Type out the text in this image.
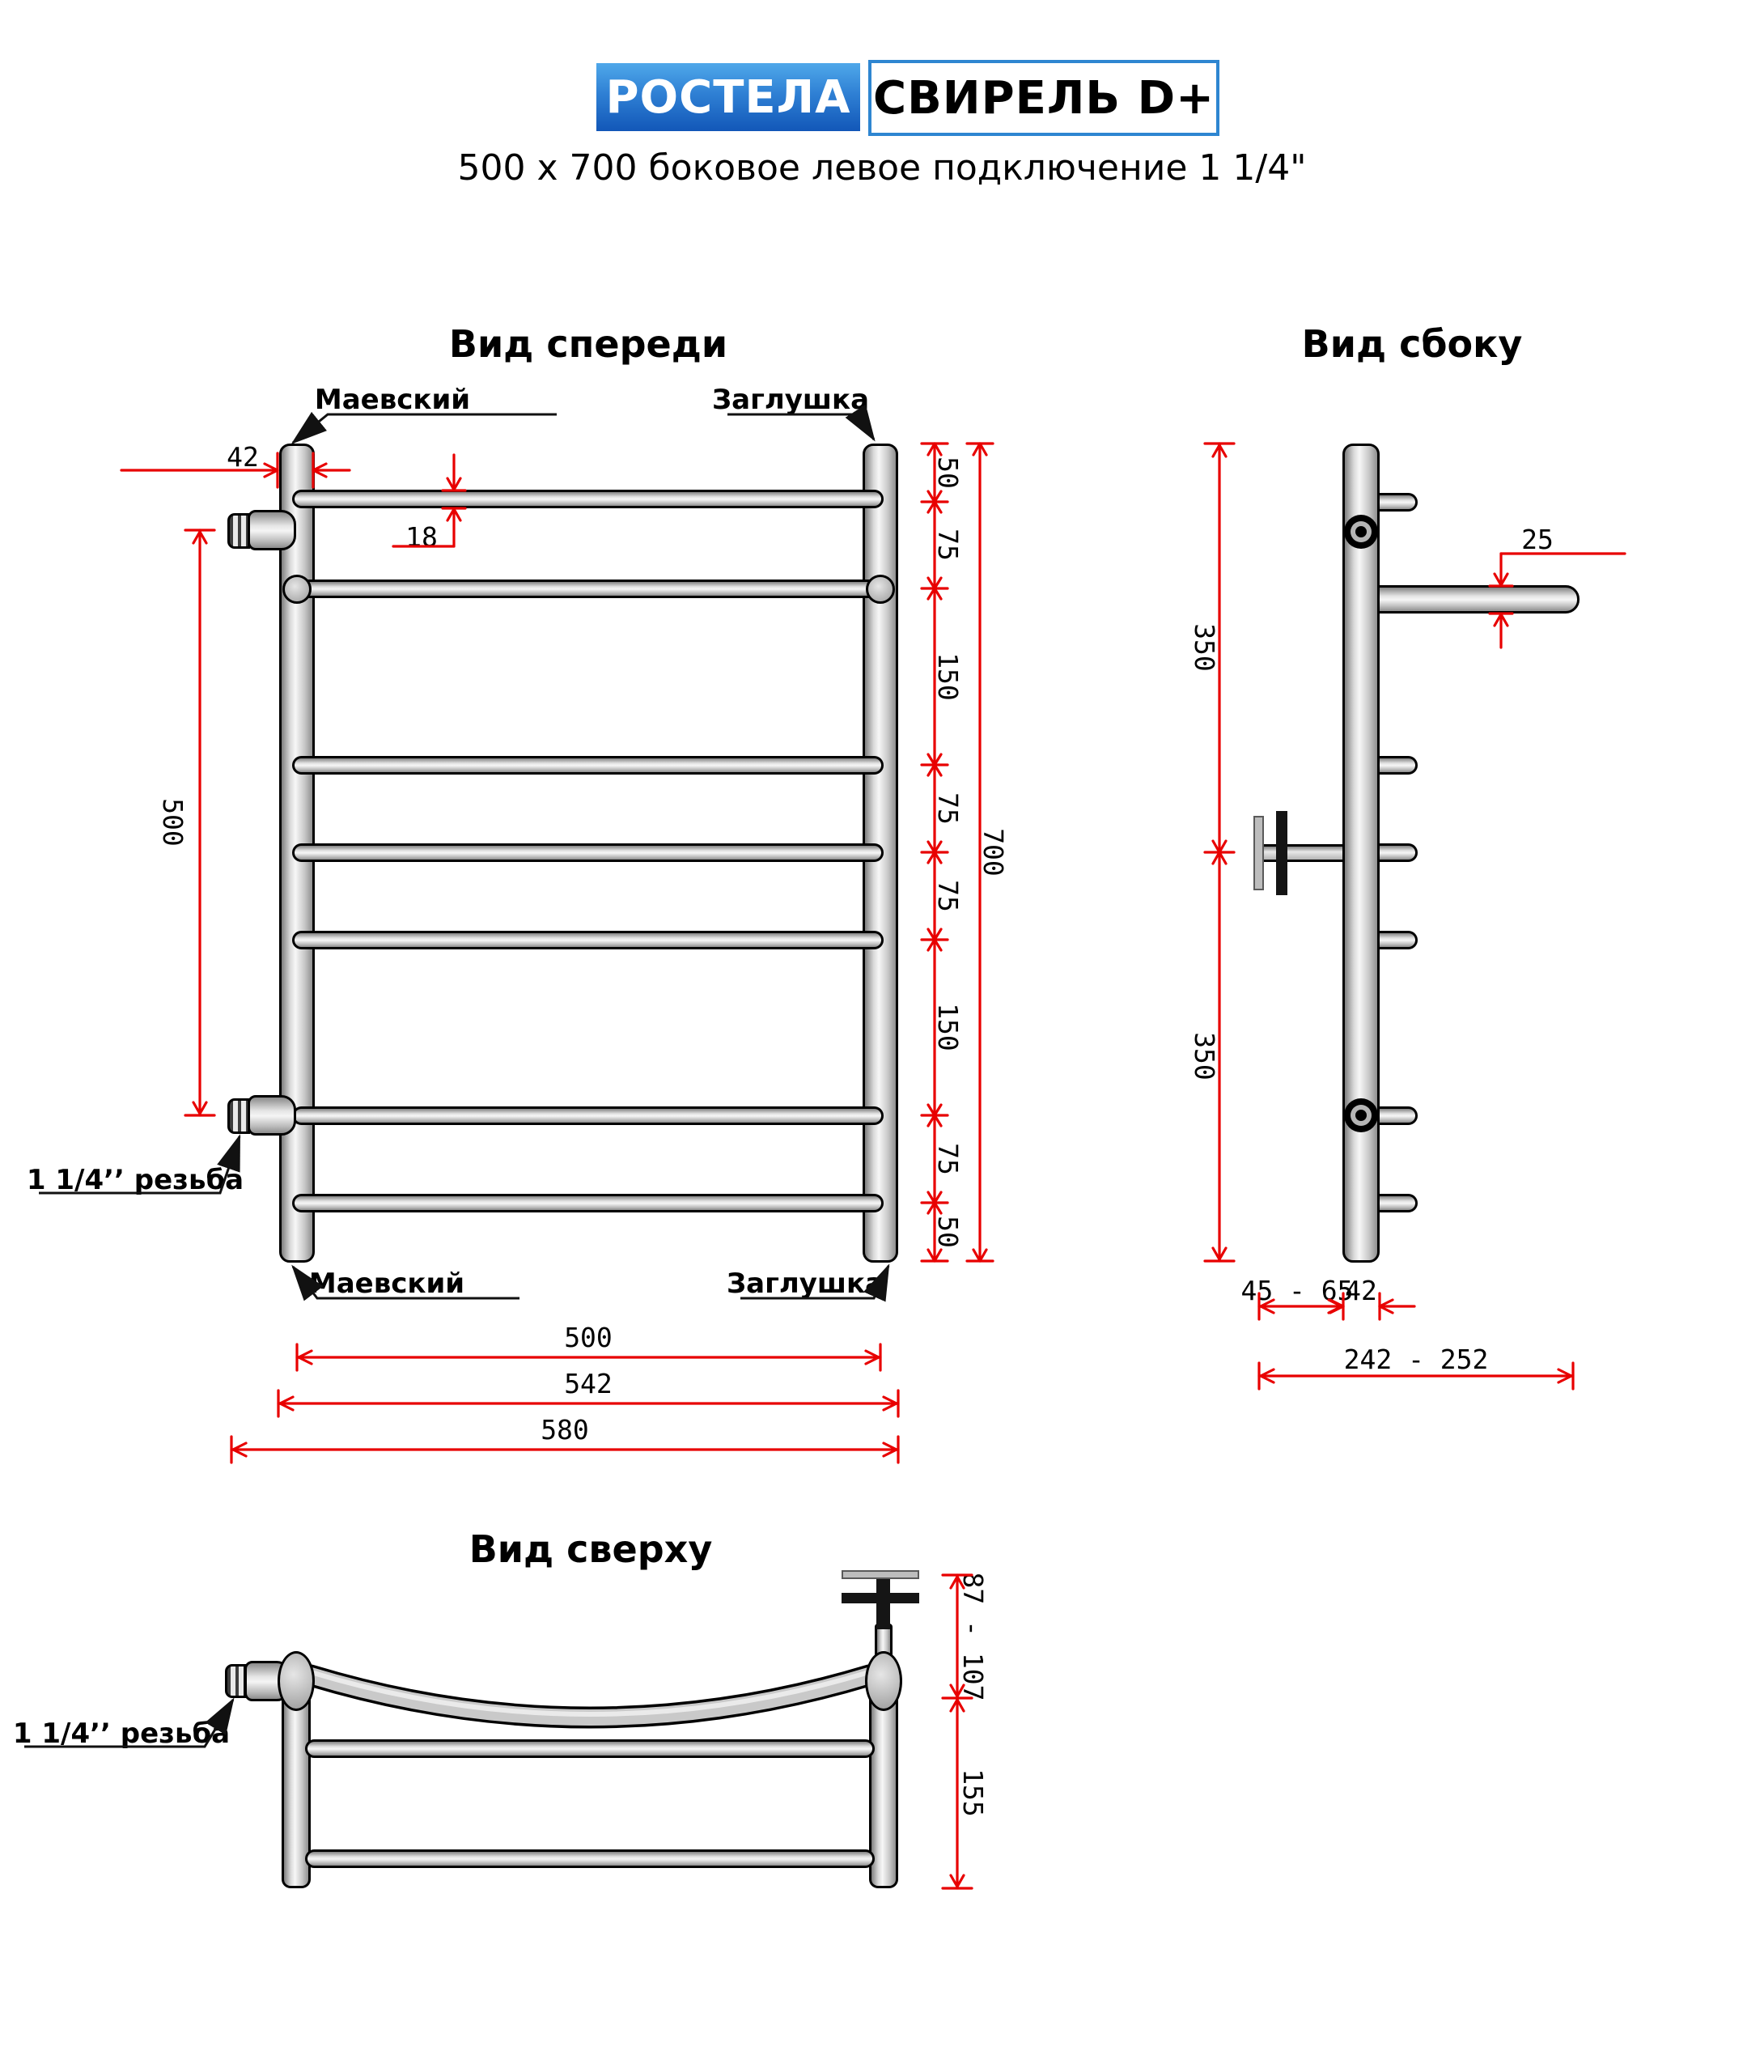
РОСТЕЛА СВИРЕЛЬ D+
500 x 700 боковое левое подключение 1 1/4"
Вид спереди	Вид сбоку
Вид сверху
Маевский	Заглушка
Маевский	Заглушка
1 1/4’’ резьба
42
18
500
700
50
75
150
75
75
150
75
50
500
542
580
350
350
25
45 - 65
42
242 - 252
1 1/4’’ резьба
87 - 107
155
